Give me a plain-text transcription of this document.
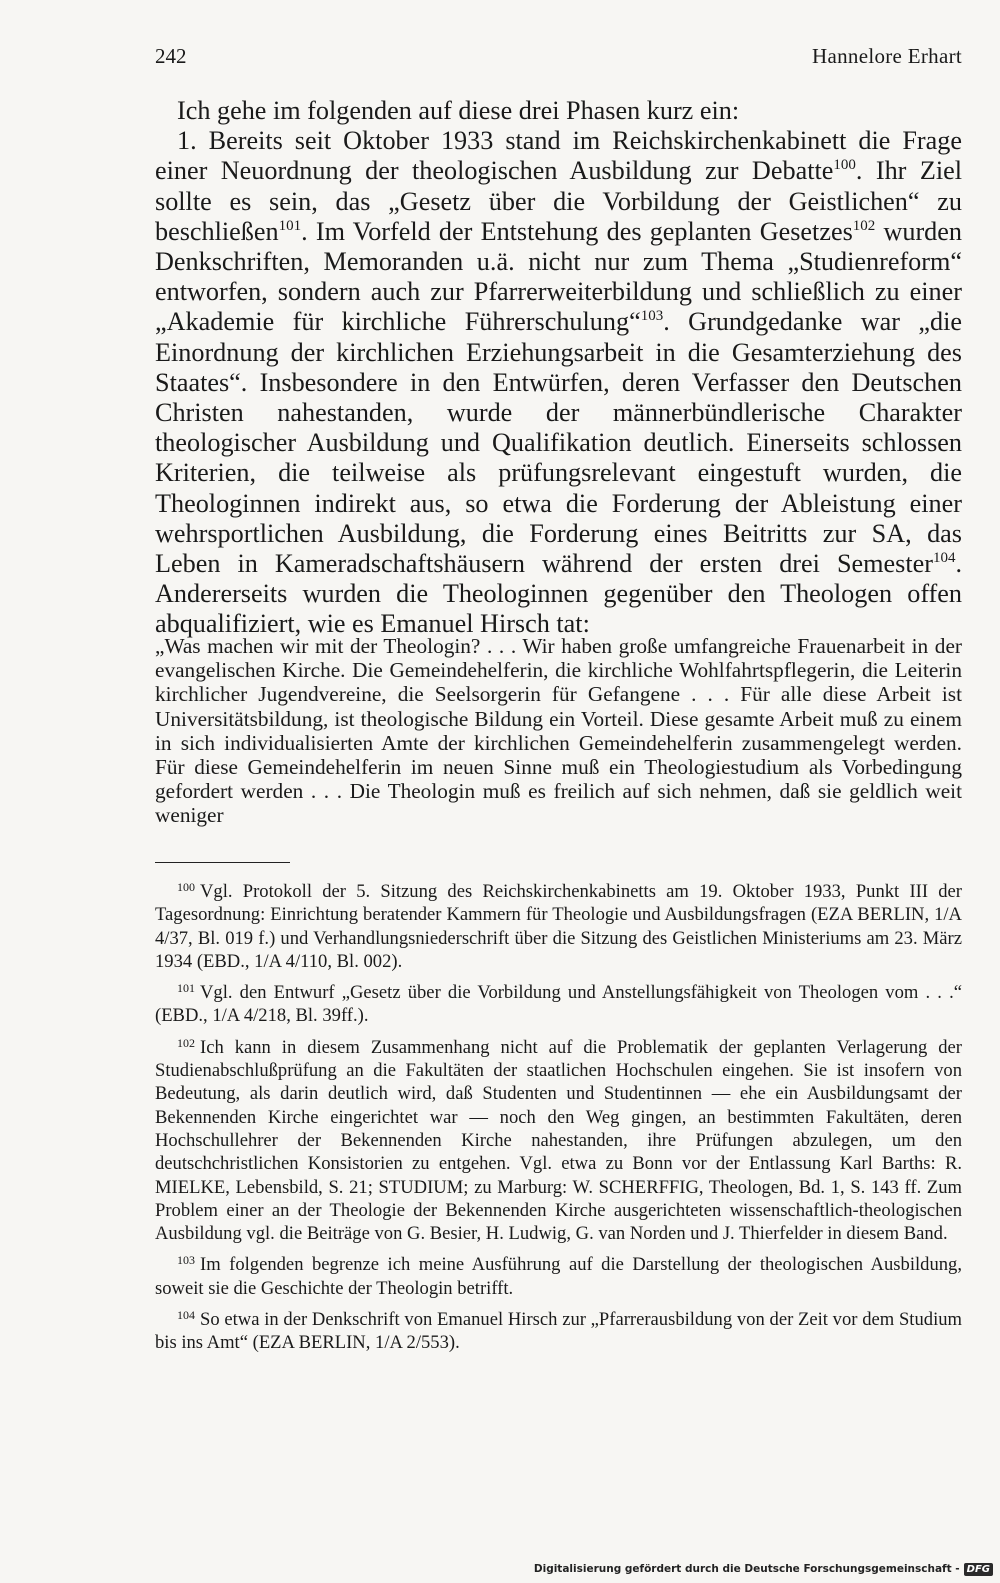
242	Hannelore Erhart

Ich gehe im folgenden auf diese drei Phasen kurz ein:

1. Bereits seit Oktober 1933 stand im Reichskirchenkabinett die Frage einer Neuordnung der theologischen Ausbildung zur Debatte$^{100}$. Ihr Ziel sollte es sein, das „Gesetz über die Vorbildung der Geistlichen“ zu beschließen$^{101}$. Im Vorfeld der Entstehung des geplanten Gesetzes$^{102}$ wurden Denkschriften, Memoranden u.ä. nicht nur zum Thema „Studienreform“ entworfen, sondern auch zur Pfarrerweiterbildung und schließlich zu einer „Akademie für kirchliche Führerschulung“$^{103}$. Grundgedanke war „die Einordnung der kirchlichen Erziehungsarbeit in die Gesamterziehung des Staates“. Insbesondere in den Entwürfen, deren Verfasser den Deutschen Christen nahestanden, wurde der männerbündlerische Charakter theologischer Ausbildung und Qualifikation deutlich. Einerseits schlossen Kriterien, die teilweise als prüfungsrelevant eingestuft wurden, die Theologinnen indirekt aus, so etwa die Forderung der Ableistung einer wehrsportlichen Ausbildung, die Forderung eines Beitritts zur SA, das Leben in Kameradschaftshäusern während der ersten drei Semester$^{104}$. Andererseits wurden die Theologinnen gegenüber den Theologen offen abqualifiziert, wie es Emanuel Hirsch tat:

„Was machen wir mit der Theologin? . . . Wir haben große umfangreiche Frauenarbeit in der evangelischen Kirche. Die Gemeindehelferin, die kirchliche Wohlfahrtspflegerin, die Leiterin kirchlicher Jugendvereine, die Seelsorgerin für Gefangene . . . Für alle diese Arbeit ist Universitätsbildung, ist theologische Bildung ein Vorteil. Diese gesamte Arbeit muß zu einem in sich individualisierten Amte der kirchlichen Gemeindehelferin zusammengelegt werden. Für diese Gemeindehelferin im neuen Sinne muß ein Theologiestudium als Vorbedingung gefordert werden . . . Die Theologin muß es freilich auf sich nehmen, daß sie geldlich weit weniger

$^{100}$ Vgl. Protokoll der 5. Sitzung des Reichskirchenkabinetts am 19. Oktober 1933, Punkt III der Tagesordnung: Einrichtung beratender Kammern für Theologie und Ausbildungsfragen (EZA BERLIN, 1/A 4/37, Bl. 019 f.) und Verhandlungsniederschrift über die Sitzung des Geistlichen Ministeriums am 23. März 1934 (EBD., 1/A 4/110, Bl. 002).

$^{101}$ Vgl. den Entwurf „Gesetz über die Vorbildung und Anstellungsfähigkeit von Theologen vom . . .“ (EBD., 1/A 4/218, Bl. 39ff.).

$^{102}$ Ich kann in diesem Zusammenhang nicht auf die Problematik der geplanten Verlagerung der Studienabschlußprüfung an die Fakultäten der staatlichen Hochschulen eingehen. Sie ist insofern von Bedeutung, als darin deutlich wird, daß Studenten und Studentinnen — ehe ein Ausbildungsamt der Bekennenden Kirche eingerichtet war — noch den Weg gingen, an bestimmten Fakultäten, deren Hochschullehrer der Bekennenden Kirche nahestanden, ihre Prüfungen abzulegen, um den deutschchristlichen Konsistorien zu entgehen. Vgl. etwa zu Bonn vor der Entlassung Karl Barths: R. MIELKE, Lebensbild, S. 21; STUDIUM; zu Marburg: W. SCHERFFIG, Theologen, Bd. 1, S. 143 ff. Zum Problem einer an der Theologie der Bekennenden Kirche ausgerichteten wissenschaftlich-theologischen Ausbildung vgl. die Beiträge von G. Besier, H. Ludwig, G. van Norden und J. Thierfelder in diesem Band.

$^{103}$ Im folgenden begrenze ich meine Ausführung auf die Darstellung der theologischen Ausbildung, soweit sie die Geschichte der Theologin betrifft.

$^{104}$ So etwa in der Denkschrift von Emanuel Hirsch zur „Pfarrerausbildung von der Zeit vor dem Studium bis ins Amt“ (EZA BERLIN, 1/A 2/553).

Digitalisierung gefördert durch die Deutsche Forschungsgemeinschaft - DFG
